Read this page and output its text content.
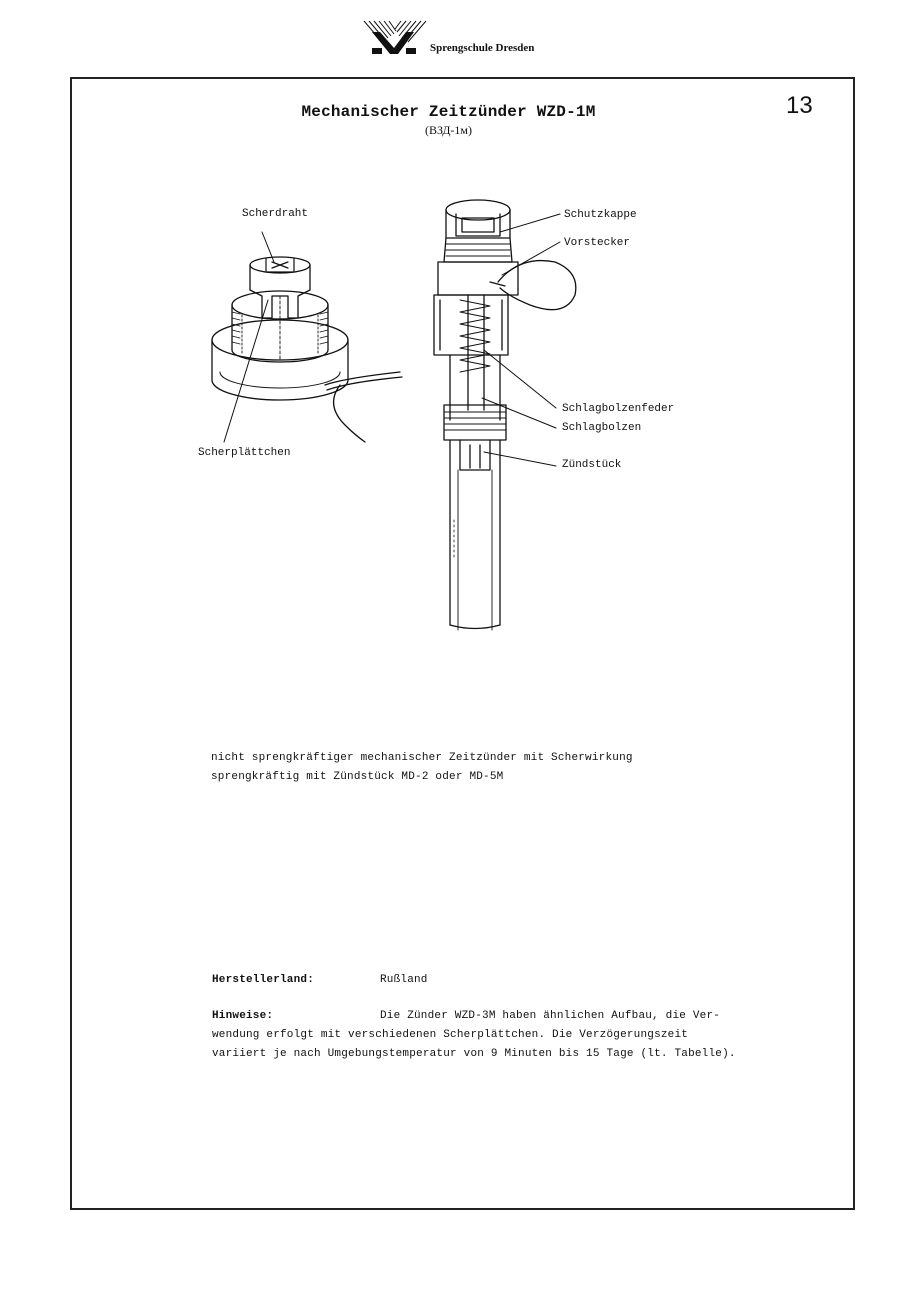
Sprengschule Dresden
13
Mechanischer Zeitzünder WZD-1M
(ВЗД-1м)
Scherdraht
Scherplättchen
Schutzkappe
Vorstecker
Schlagbolzenfeder
Schlagbolzen
Zündstück
nicht sprengkräftiger mechanischer Zeitzünder mit Scherwirkung
sprengkräftig mit Zündstück MD-2 oder MD-5M
Herstellerland:	Rußland
Hinweise:	Die Zünder WZD-3M haben ähnlichen Aufbau, die Ver-
wendung erfolgt mit verschiedenen Scherplättchen. Die Verzögerungszeit
variiert je nach Umgebungstemperatur von 9 Minuten bis 15 Tage (lt. Tabelle).
